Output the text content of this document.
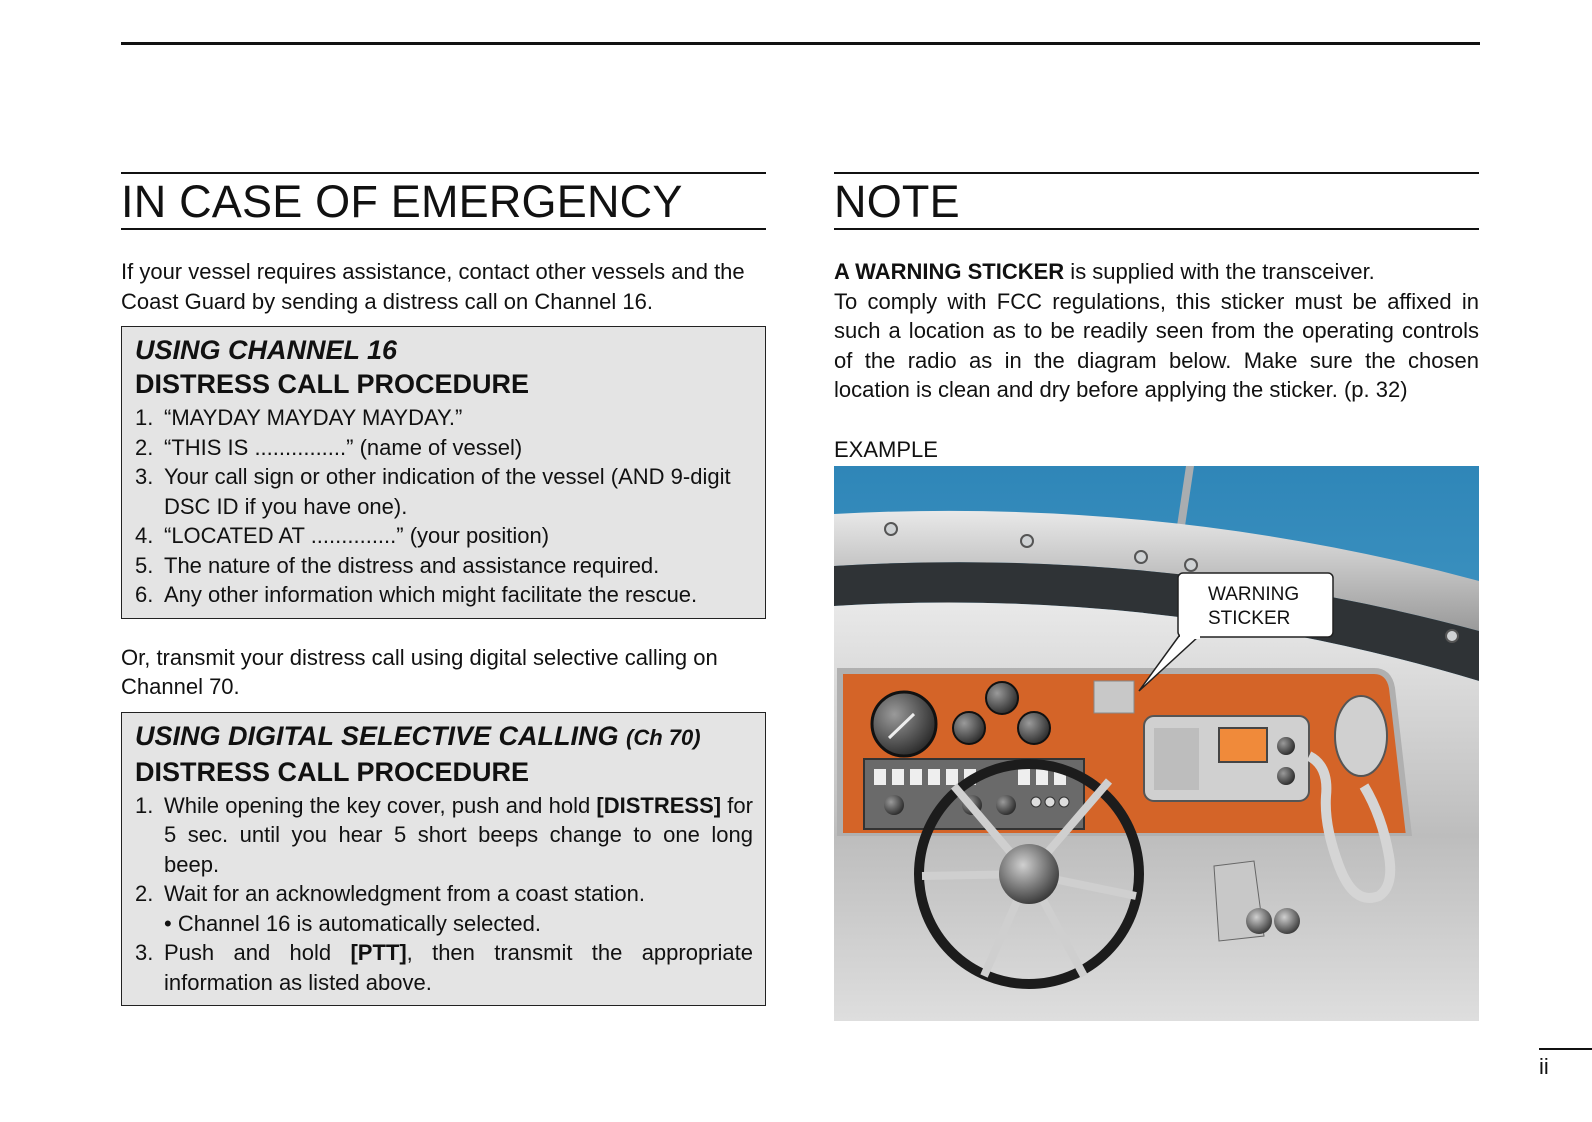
IN CASE OF EMERGENCY

If your vessel requires assistance, contact other vessels and the Coast Guard by sending a distress call on Channel 16.

USING CHANNEL 16

DISTRESS CALL PROCEDURE

1. “MAYDAY MAYDAY MAYDAY.”
2. “THIS IS ...............” (name of vessel)
3. Your call sign or other indication of the vessel (AND 9-digit DSC ID if you have one).
4. “LOCATED AT ..............” (your position)
5. The nature of the distress and assistance required.
6. Any other information which might facilitate the rescue.

Or, transmit your distress call using digital selective calling on Channel 70.

USING DIGITAL SELECTIVE CALLING (Ch 70)

DISTRESS CALL PROCEDURE

1. While opening the key cover, push and hold [DISTRESS] for 5 sec. until you hear 5 short beeps change to one long beep.
2. Wait for an acknowledgment from a coast station.
• Channel 16 is automatically selected.
3. Push and hold [PTT], then transmit the appropriate information as listed above.
NOTE

A WARNING STICKER is supplied with the transceiver.

To comply with FCC regulations, this sticker must be affixed in such a location as to be readily seen from the operating controls of the radio as in the diagram below. Make sure the chosen location is clean and dry before applying the sticker. (p. 32)

EXAMPLE

WARNING
STICKER
ii
